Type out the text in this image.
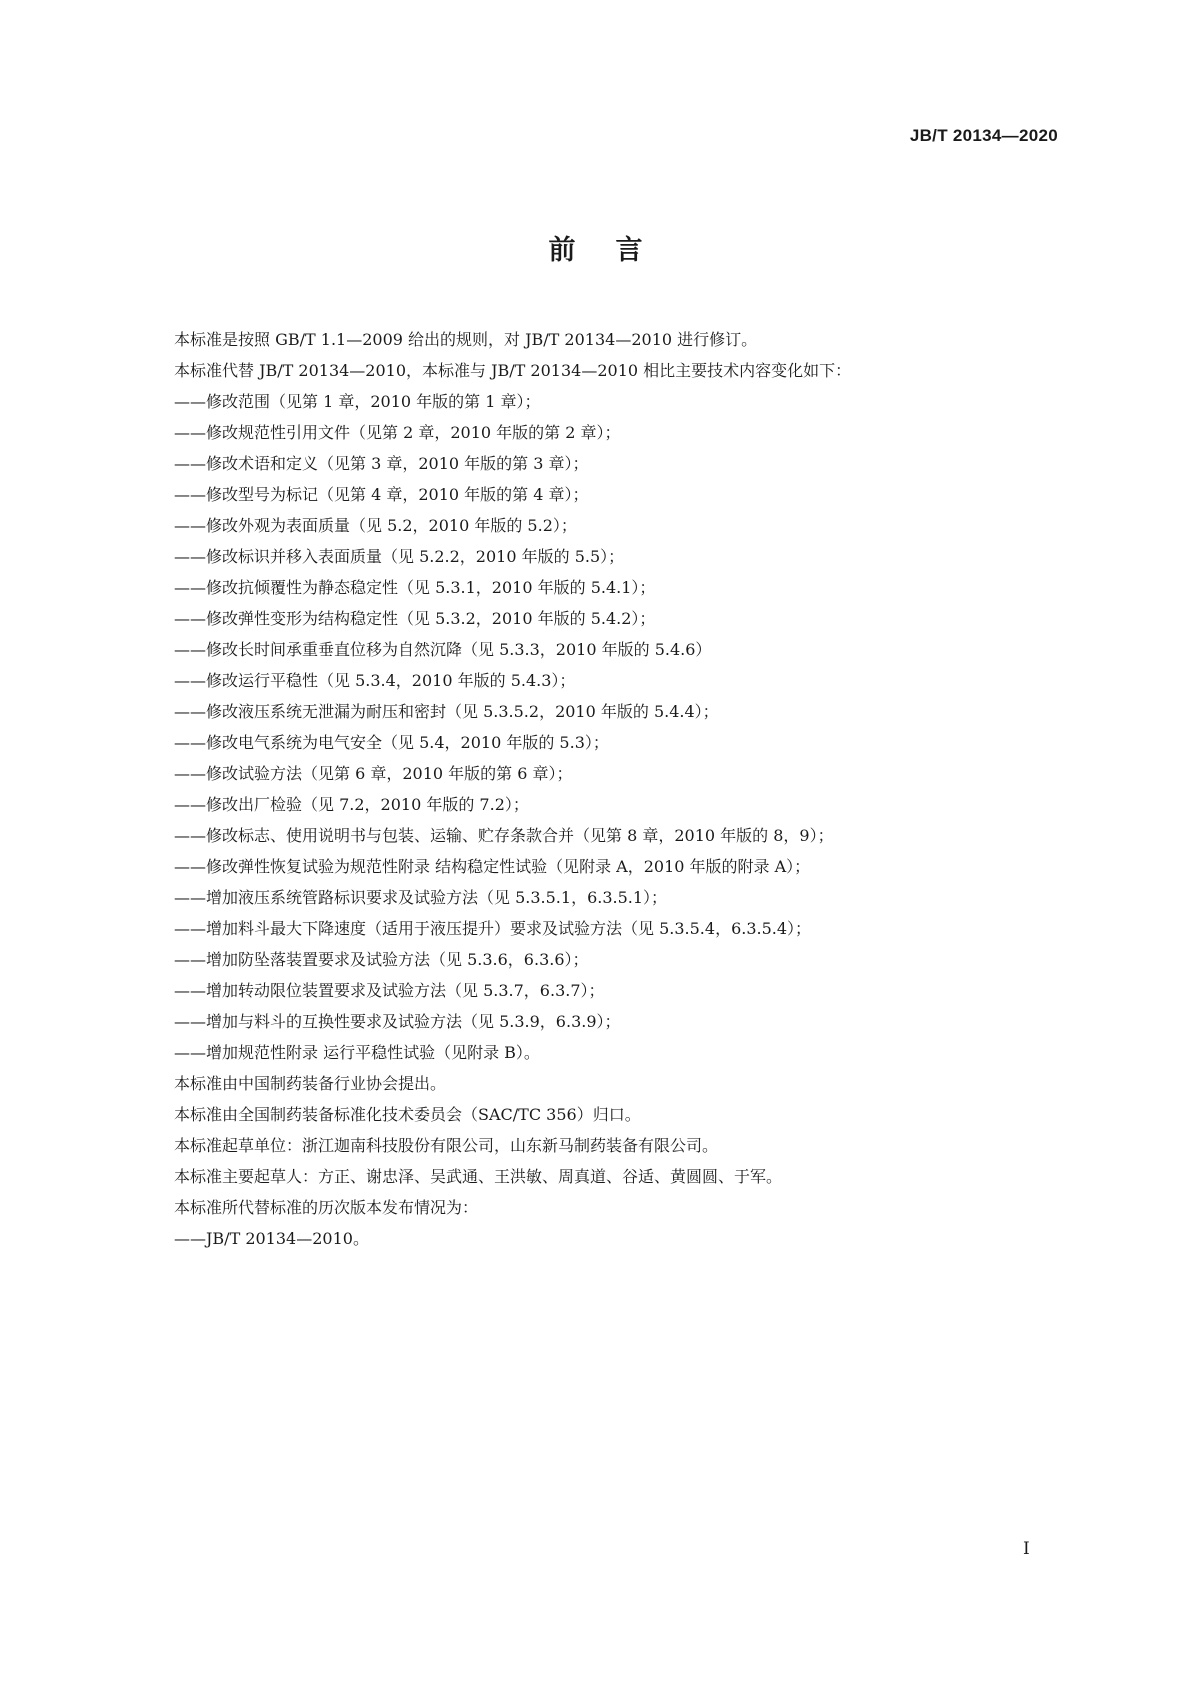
JB/T 20134—2020
前言
本标准是按照 GB/T 1.1—2009 给出的规则，对 JB/T 20134—2010 进行修订。
本标准代替 JB/T 20134—2010，本标准与 JB/T 20134—2010 相比主要技术内容变化如下：
——修改范围（见第 1 章，2010 年版的第 1 章）；
——修改规范性引用文件（见第 2 章，2010 年版的第 2 章）；
——修改术语和定义（见第 3 章，2010 年版的第 3 章）；
——修改型号为标记（见第 4 章，2010 年版的第 4 章）；
——修改外观为表面质量（见 5.2，2010 年版的 5.2）；
——修改标识并移入表面质量（见 5.2.2，2010 年版的 5.5）；
——修改抗倾覆性为静态稳定性（见 5.3.1，2010 年版的 5.4.1）；
——修改弹性变形为结构稳定性（见 5.3.2，2010 年版的 5.4.2）；
——修改长时间承重垂直位移为自然沉降（见 5.3.3，2010 年版的 5.4.6）
——修改运行平稳性（见 5.3.4，2010 年版的 5.4.3）；
——修改液压系统无泄漏为耐压和密封（见 5.3.5.2，2010 年版的 5.4.4）；
——修改电气系统为电气安全（见 5.4，2010 年版的 5.3）；
——修改试验方法（见第 6 章，2010 年版的第 6 章）；
——修改出厂检验（见 7.2，2010 年版的 7.2）；
——修改标志、使用说明书与包装、运输、贮存条款合并（见第 8 章，2010 年版的 8，9）；
——修改弹性恢复试验为规范性附录 结构稳定性试验（见附录 A，2010 年版的附录 A）；
——增加液压系统管路标识要求及试验方法（见 5.3.5.1，6.3.5.1）；
——增加料斗最大下降速度（适用于液压提升）要求及试验方法（见 5.3.5.4，6.3.5.4）；
——增加防坠落装置要求及试验方法（见 5.3.6，6.3.6）；
——增加转动限位装置要求及试验方法（见 5.3.7，6.3.7）；
——增加与料斗的互换性要求及试验方法（见 5.3.9，6.3.9）；
——增加规范性附录 运行平稳性试验（见附录 B）。
本标准由中国制药装备行业协会提出。
本标准由全国制药装备标准化技术委员会（SAC/TC 356）归口。
本标准起草单位：浙江迦南科技股份有限公司，山东新马制药装备有限公司。
本标准主要起草人：方正、谢忠泽、吴武通、王洪敏、周真道、谷适、黄圆圆、于军。
本标准所代替标准的历次版本发布情况为：
——JB/T 20134—2010。
I
